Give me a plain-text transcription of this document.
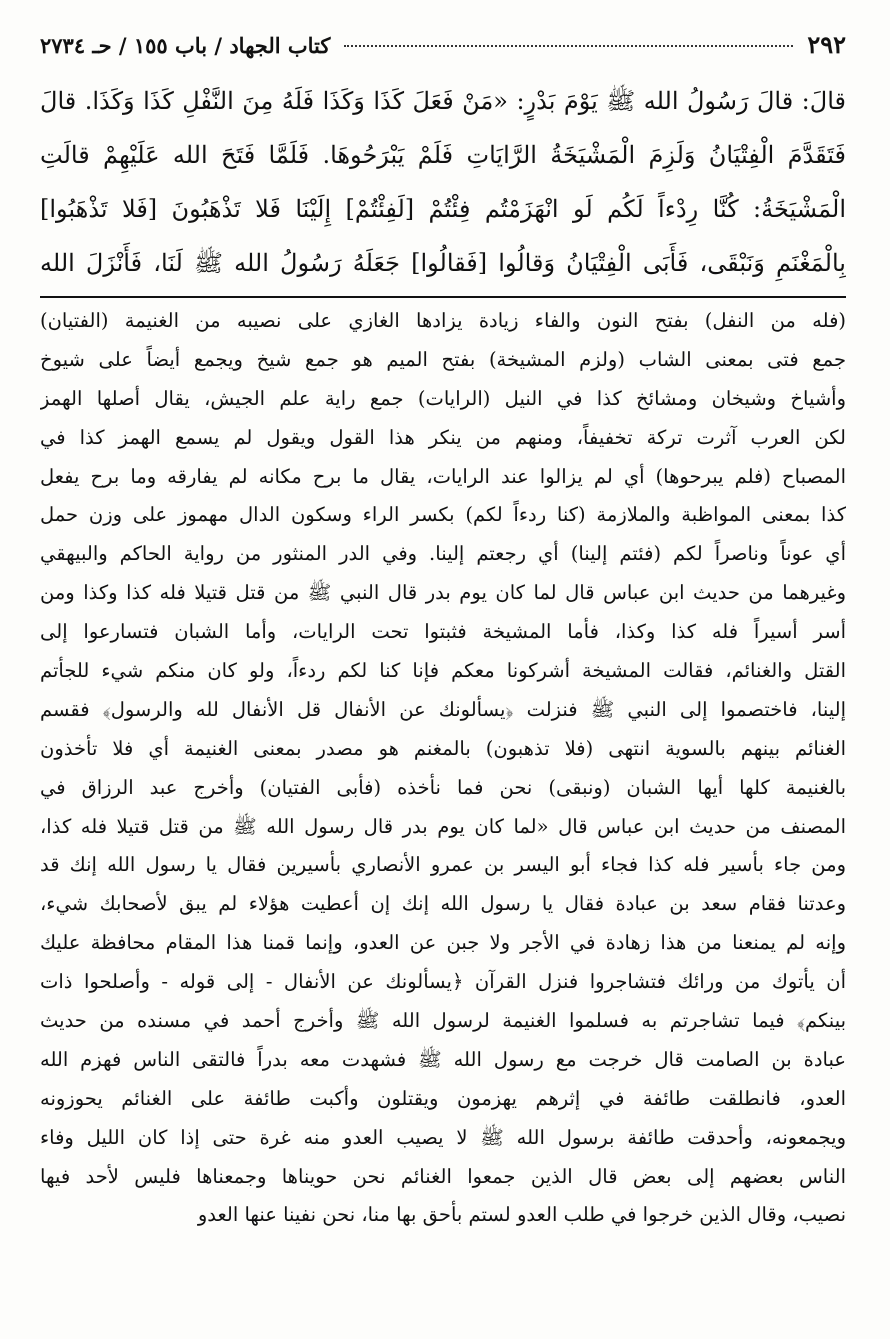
٢٩٢
كتاب الجهاد / باب ١٥٥ / حـ ٢٧٣٤
قالَ: قالَ رَسُولُ الله ﷺ يَوْمَ بَدْرٍ: «مَنْ فَعَلَ كَذَا وَكَذَا فَلَهُ مِنَ النَّفْلِ كَذَا وَكَذَا. قالَ
فَتَقَدَّمَ الْفِتْيَانُ وَلَزِمَ الْمَشْيَخَةُ الرَّايَاتِ فَلَمْ يَبْرَحُوهَا. فَلَمَّا فَتَحَ الله عَلَيْهِمْ قالَتِ
الْمَشْيَخَةُ: كُنَّا رِدْءاً لَكُم لَو انْهَزَمْتُم فِئْتُمْ [لَفِئْتُمْ] إِلَيْنَا فَلا تَذْهَبُونَ [فَلا تَذْهَبُوا]
بِالْمَغْنَمِ وَنَبْقَى، فَأَبَى الْفِتْيَانُ وَقالُوا [فَقالُوا] جَعَلَهُ رَسُولُ الله ﷺ لَنَا، فَأَنْزَلَ الله
(فله من النفل) بفتح النون والفاء زيادة يزادها الغازي على نصيبه من الغنيمة (الفتيان)
جمع فتى بمعنى الشاب (ولزم المشيخة) بفتح الميم هو جمع شيخ ويجمع أيضاً على شيوخ
وأشياخ وشيخان ومشائخ كذا في النيل (الرايات) جمع راية علم الجيش، يقال أصلها الهمز
لكن العرب آثرت تركة تخفيفاً، ومنهم من ينكر هذا القول ويقول لم يسمع الهمز كذا في
المصباح (فلم يبرحوها) أي لم يزالوا عند الرايات، يقال ما برح مكانه لم يفارقه وما برح يفعل
كذا بمعنى المواظبة والملازمة (كنا ردءاً لكم) بكسر الراء وسكون الدال مهموز على وزن حمل
أي عوناً وناصراً لكم (فئتم إلينا) أي رجعتم إلينا. وفي الدر المنثور من رواية الحاكم والبيهقي
وغيرهما من حديث ابن عباس قال لما كان يوم بدر قال النبي ﷺ من قتل قتيلا فله كذا وكذا ومن
أسر أسيراً فله كذا وكذا، فأما المشيخة فثبتوا تحت الرايات، وأما الشبان فتسارعوا إلى
القتل والغنائم، فقالت المشيخة أشركونا معكم فإنا كنا لكم ردءاً، ولو كان منكم شيء للجأتم
إلينا، فاختصموا إلى النبي ﷺ فنزلت ﴿يسألونك عن الأنفال قل الأنفال لله والرسول﴾ فقسم
الغنائم بينهم بالسوية انتهى (فلا تذهبون) بالمغنم هو مصدر بمعنى الغنيمة أي فلا تأخذون
بالغنيمة كلها أيها الشبان (ونبقى) نحن فما نأخذه (فأبى الفتيان) وأخرج عبد الرزاق في
المصنف من حديث ابن عباس قال «لما كان يوم بدر قال رسول الله ﷺ من قتل قتيلا فله كذا،
ومن جاء بأسير فله كذا فجاء أبو اليسر بن عمرو الأنصاري بأسيرين فقال يا رسول الله إنك قد
وعدتنا فقام سعد بن عبادة فقال يا رسول الله إنك إن أعطيت هؤلاء لم يبق لأصحابك شيء،
وإنه لم يمنعنا من هذا زهادة في الأجر ولا جبن عن العدو، وإنما قمنا هذا المقام محافظة عليك
أن يأتوك من ورائك فتشاجروا فنزل القرآن ﴿يسألونك عن الأنفال - إلى قوله - وأصلحوا ذات
بينكم﴾ فيما تشاجرتم به فسلموا الغنيمة لرسول الله ﷺ وأخرج أحمد في مسنده من حديث
عبادة بن الصامت قال خرجت مع رسول الله ﷺ فشهدت معه بدراً فالتقى الناس فهزم الله
العدو، فانطلقت طائفة في إثرهم يهزمون ويقتلون وأكبت طائفة على الغنائم يحوزونه
ويجمعونه، وأحدقت طائفة برسول الله ﷺ لا يصيب العدو منه غرة حتى إذا كان الليل وفاء
الناس بعضهم إلى بعض قال الذين جمعوا الغنائم نحن حويناها وجمعناها فليس لأحد فيها
نصيب، وقال الذين خرجوا في طلب العدو لستم بأحق بها منا، نحن نفينا عنها العدو
